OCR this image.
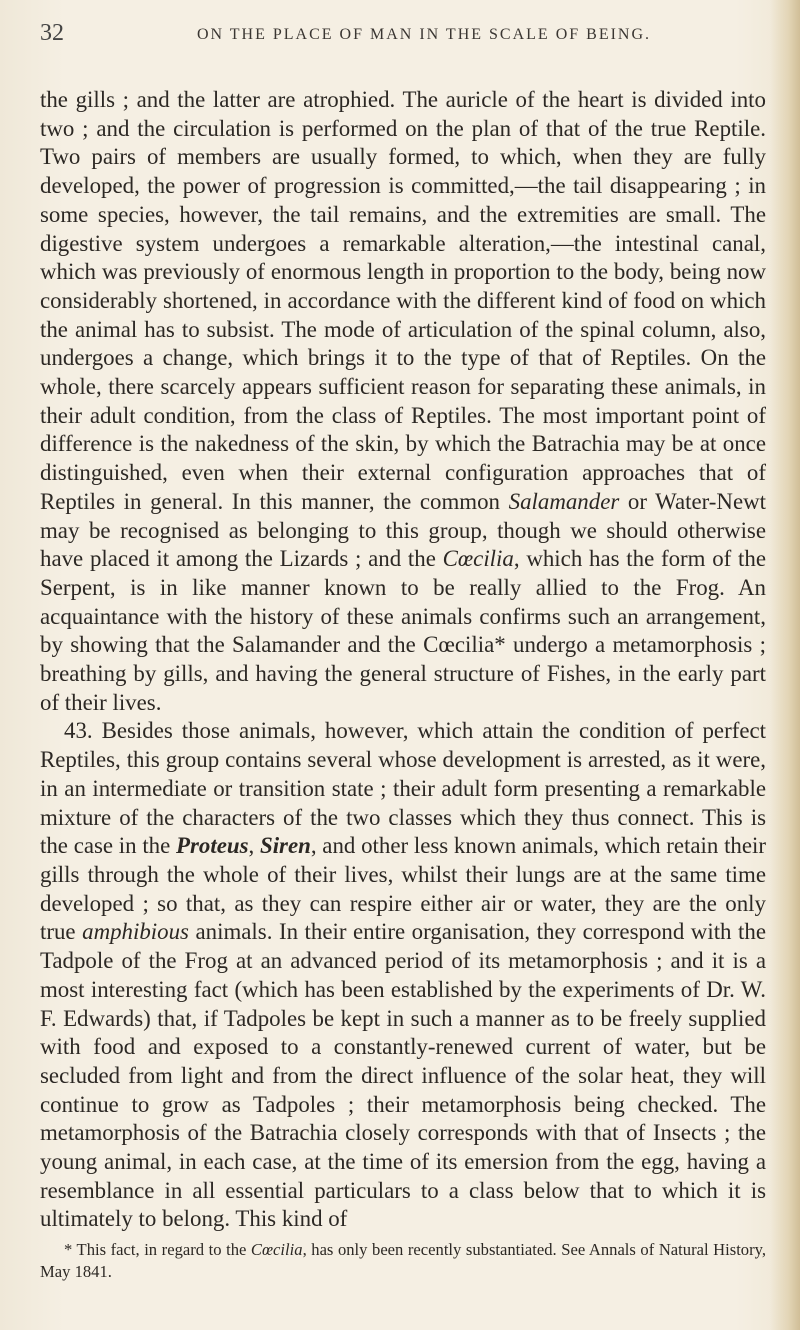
32	ON THE PLACE OF MAN IN THE SCALE OF BEING.

the gills ; and the latter are atrophied. The auricle of the heart is divided into two ; and the circulation is performed on the plan of that of the true Reptile. Two pairs of members are usually formed, to which, when they are fully developed, the power of progression is committed,—the tail disappearing ; in some species, however, the tail remains, and the extremities are small. The digestive system undergoes a remarkable alteration,—the intestinal canal, which was previously of enormous length in proportion to the body, being now considerably shortened, in accordance with the different kind of food on which the animal has to subsist. The mode of articulation of the spinal column, also, undergoes a change, which brings it to the type of that of Reptiles. On the whole, there scarcely appears sufficient reason for separating these animals, in their adult condition, from the class of Reptiles. The most important point of difference is the nakedness of the skin, by which the Batrachia may be at once distinguished, even when their external configuration approaches that of Reptiles in general. In this manner, the common Salamander or Water-Newt may be recognised as belonging to this group, though we should otherwise have placed it among the Lizards ; and the Cœcilia, which has the form of the Serpent, is in like manner known to be really allied to the Frog. An acquaintance with the history of these animals confirms such an arrangement, by showing that the Salamander and the Cœcilia* undergo a metamorphosis ; breathing by gills, and having the general structure of Fishes, in the early part of their lives.

43. Besides those animals, however, which attain the condition of perfect Reptiles, this group contains several whose development is arrested, as it were, in an intermediate or transition state ; their adult form presenting a remarkable mixture of the characters of the two classes which they thus connect. This is the case in the Proteus, Siren, and other less known animals, which retain their gills through the whole of their lives, whilst their lungs are at the same time developed ; so that, as they can respire either air or water, they are the only true amphibious animals. In their entire organisation, they correspond with the Tadpole of the Frog at an advanced period of its metamorphosis ; and it is a most interesting fact (which has been established by the experiments of Dr. W. F. Edwards) that, if Tadpoles be kept in such a manner as to be freely supplied with food and exposed to a constantly-renewed current of water, but be secluded from light and from the direct influence of the solar heat, they will continue to grow as Tadpoles ; their metamorphosis being checked. The metamorphosis of the Batrachia closely corresponds with that of Insects ; the young animal, in each case, at the time of its emersion from the egg, having a resemblance in all essential particulars to a class below that to which it is ultimately to belong. This kind of

* This fact, in regard to the Cœcilia, has only been recently substantiated. See Annals of Natural History, May 1841.
